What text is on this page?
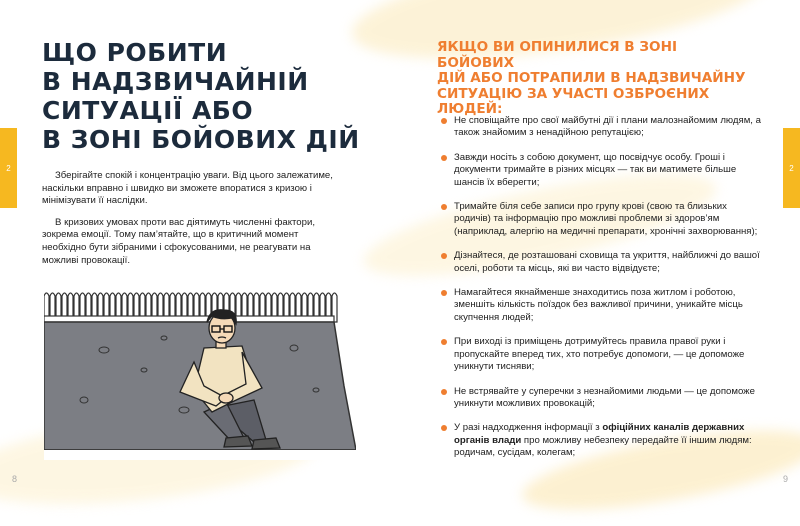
2
ЩО РОБИТИ
В НАДЗВИЧАЙНІЙ
СИТУАЦІЇ АБО
В ЗОНІ БОЙОВИХ ДІЙ

Зберігайте спокій і концентрацію уваги. Від цього залежатиме, наскільки вправно і швидко ви зможете впоратися з кризою і мінімізувати її наслідки.

В кризових умовах проти вас діятимуть численні фактори, зокрема емоції. Тому пам’ятайте, що в критичний момент необхідно бути зібраними і сфокусованими, не реагувати на можливі провокації.

8
2
ЯКЩО ВИ ОПИНИЛИСЯ В ЗОНІ БОЙОВИХ
ДІЙ АБО ПОТРАПИЛИ В НАДЗВИЧАЙНУ
СИТУАЦІЮ ЗА УЧАСТІ ОЗБРОЄНИХ ЛЮДЕЙ:
Не сповіщайте про свої майбутні дії і плани малознайомим людям, а також знайомим з ненадійною репутацією;
Завжди носіть з собою документ, що посвідчує особу. Гроші і документи тримайте в різних місцях — так ви матимете більше шансів їх вберегти;
Тримайте біля себе записи про групу крові (свою та близьких родичів) та інформацію про можливі проблеми зі здоров’ям (наприклад, алергію на медичні препарати, хронічні захворювання);
Дізнайтеся, де розташовані сховища та укриття, найближчі до вашої оселі, роботи та місць, які ви часто відвідуєте;
Намагайтеся якнайменше знаходитись поза житлом і роботою, зменшіть кількість поїздок без важливої причини, уникайте місць скупчення людей;
При виході із приміщень дотримуйтесь правила правої руки і пропускайте вперед тих, хто потребує допомоги, — це допоможе уникнути тисняви;
Не встрявайте у суперечки з незнайомими людьми — це допоможе уникнути можливих провокацій;
У разі надходження інформації з офіційних каналів державних органів влади про можливу небезпеку передайте її іншим людям: родичам, сусідам, колегам;
9
